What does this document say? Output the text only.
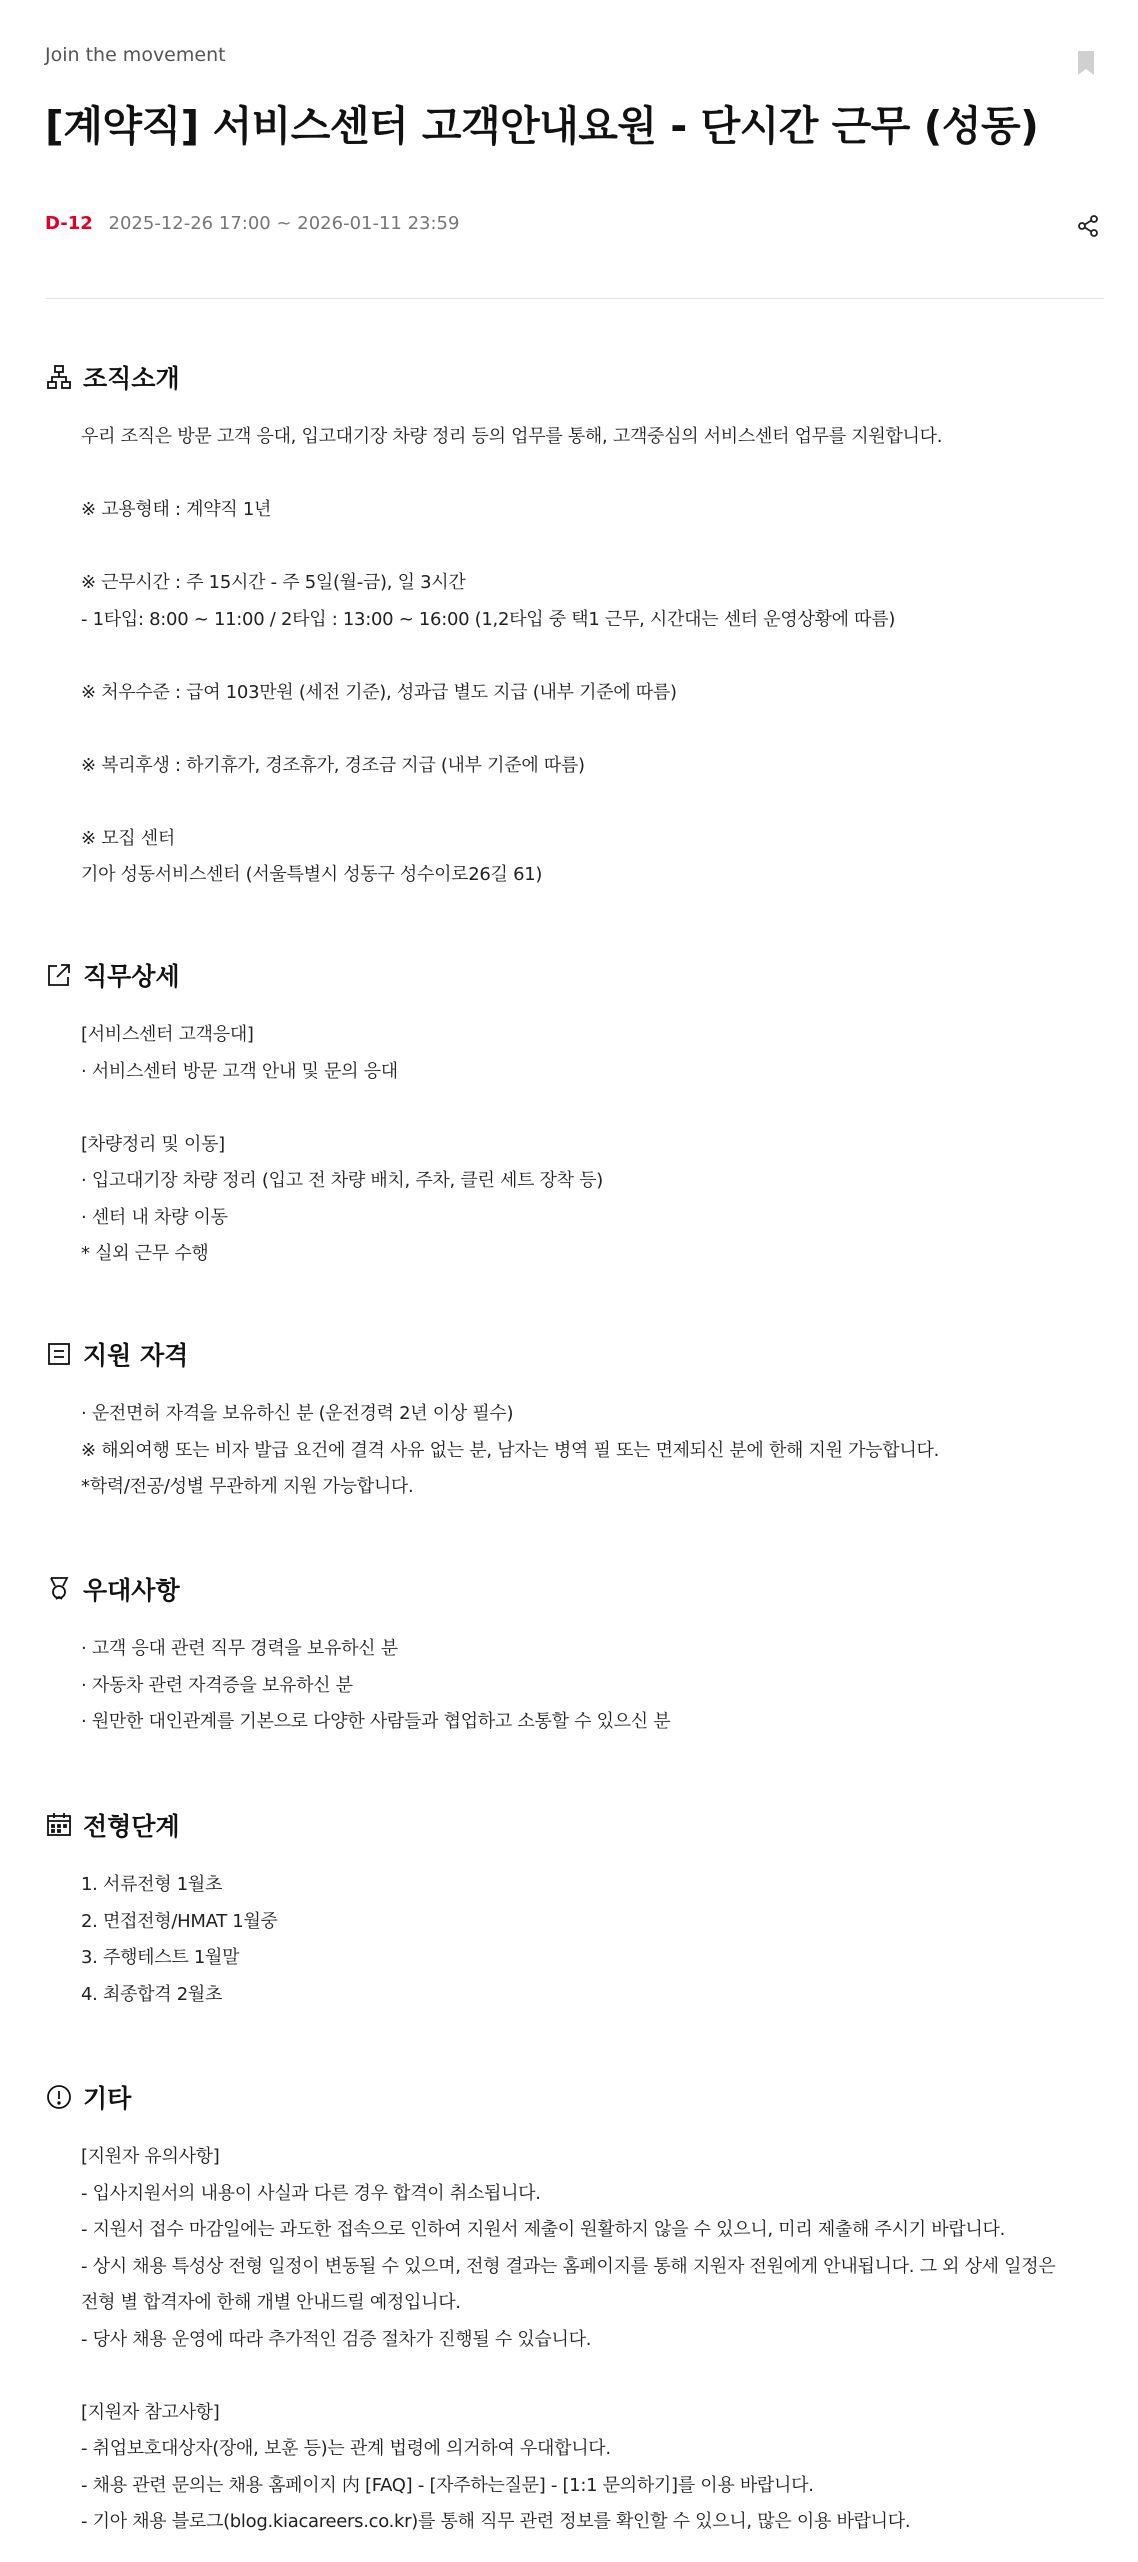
Join the movement
[계약직] 서비스센터 고객안내요원 - 단시간 근무 (성동)
D-12 2025-12-26 17:00 ~ 2026-01-11 23:59
조직소개
우리 조직은 방문 고객 응대, 입고대기장 차량 정리 등의 업무를 통해, 고객중심의 서비스센터 업무를 지원합니다.
※ 고용형태 : 계약직 1년
※ 근무시간 : 주 15시간 - 주 5일(월-금), 일 3시간
- 1타입: 8:00 ~ 11:00 / 2타입 : 13:00 ~ 16:00 (1,2타입 중 택1 근무, 시간대는 센터 운영상황에 따름)
※ 처우수준 : 급여 103만원 (세전 기준), 성과급 별도 지급 (내부 기준에 따름)
※ 복리후생 : 하기휴가, 경조휴가, 경조금 지급 (내부 기준에 따름)
※ 모집 센터
기아 성동서비스센터 (서울특별시 성동구 성수이로26길 61)
직무상세
[서비스센터 고객응대]
· 서비스센터 방문 고객 안내 및 문의 응대
[차량정리 및 이동]
· 입고대기장 차량 정리 (입고 전 차량 배치, 주차, 클린 세트 장착 등)
· 센터 내 차량 이동
* 실외 근무 수행
지원 자격
· 운전면허 자격을 보유하신 분 (운전경력 2년 이상 필수)
※ 해외여행 또는 비자 발급 요건에 결격 사유 없는 분, 남자는 병역 필 또는 면제되신 분에 한해 지원 가능합니다.
*학력/전공/성별 무관하게 지원 가능합니다.
우대사항
· 고객 응대 관련 직무 경력을 보유하신 분
· 자동차 관련 자격증을 보유하신 분
· 원만한 대인관계를 기본으로 다양한 사람들과 협업하고 소통할 수 있으신 분
전형단계
1. 서류전형 1월초
2. 면접전형/HMAT 1월중
3. 주행테스트 1월말
4. 최종합격 2월초
기타
[지원자 유의사항]
- 입사지원서의 내용이 사실과 다른 경우 합격이 취소됩니다.
- 지원서 접수 마감일에는 과도한 접속으로 인하여 지원서 제출이 원활하지 않을 수 있으니, 미리 제출해 주시기 바랍니다.
- 상시 채용 특성상 전형 일정이 변동될 수 있으며, 전형 결과는 홈페이지를 통해 지원자 전원에게 안내됩니다. 그 외 상세 일정은
전형 별 합격자에 한해 개별 안내드릴 예정입니다.
- 당사 채용 운영에 따라 추가적인 검증 절차가 진행될 수 있습니다.
[지원자 참고사항]
- 취업보호대상자(장애, 보훈 등)는 관계 법령에 의거하여 우대합니다.
- 채용 관련 문의는 채용 홈페이지 内 [FAQ] - [자주하는질문] - [1:1 문의하기]를 이용 바랍니다.
- 기아 채용 블로그(blog.kiacareers.co.kr)를 통해 직무 관련 정보를 확인할 수 있으니, 많은 이용 바랍니다.
